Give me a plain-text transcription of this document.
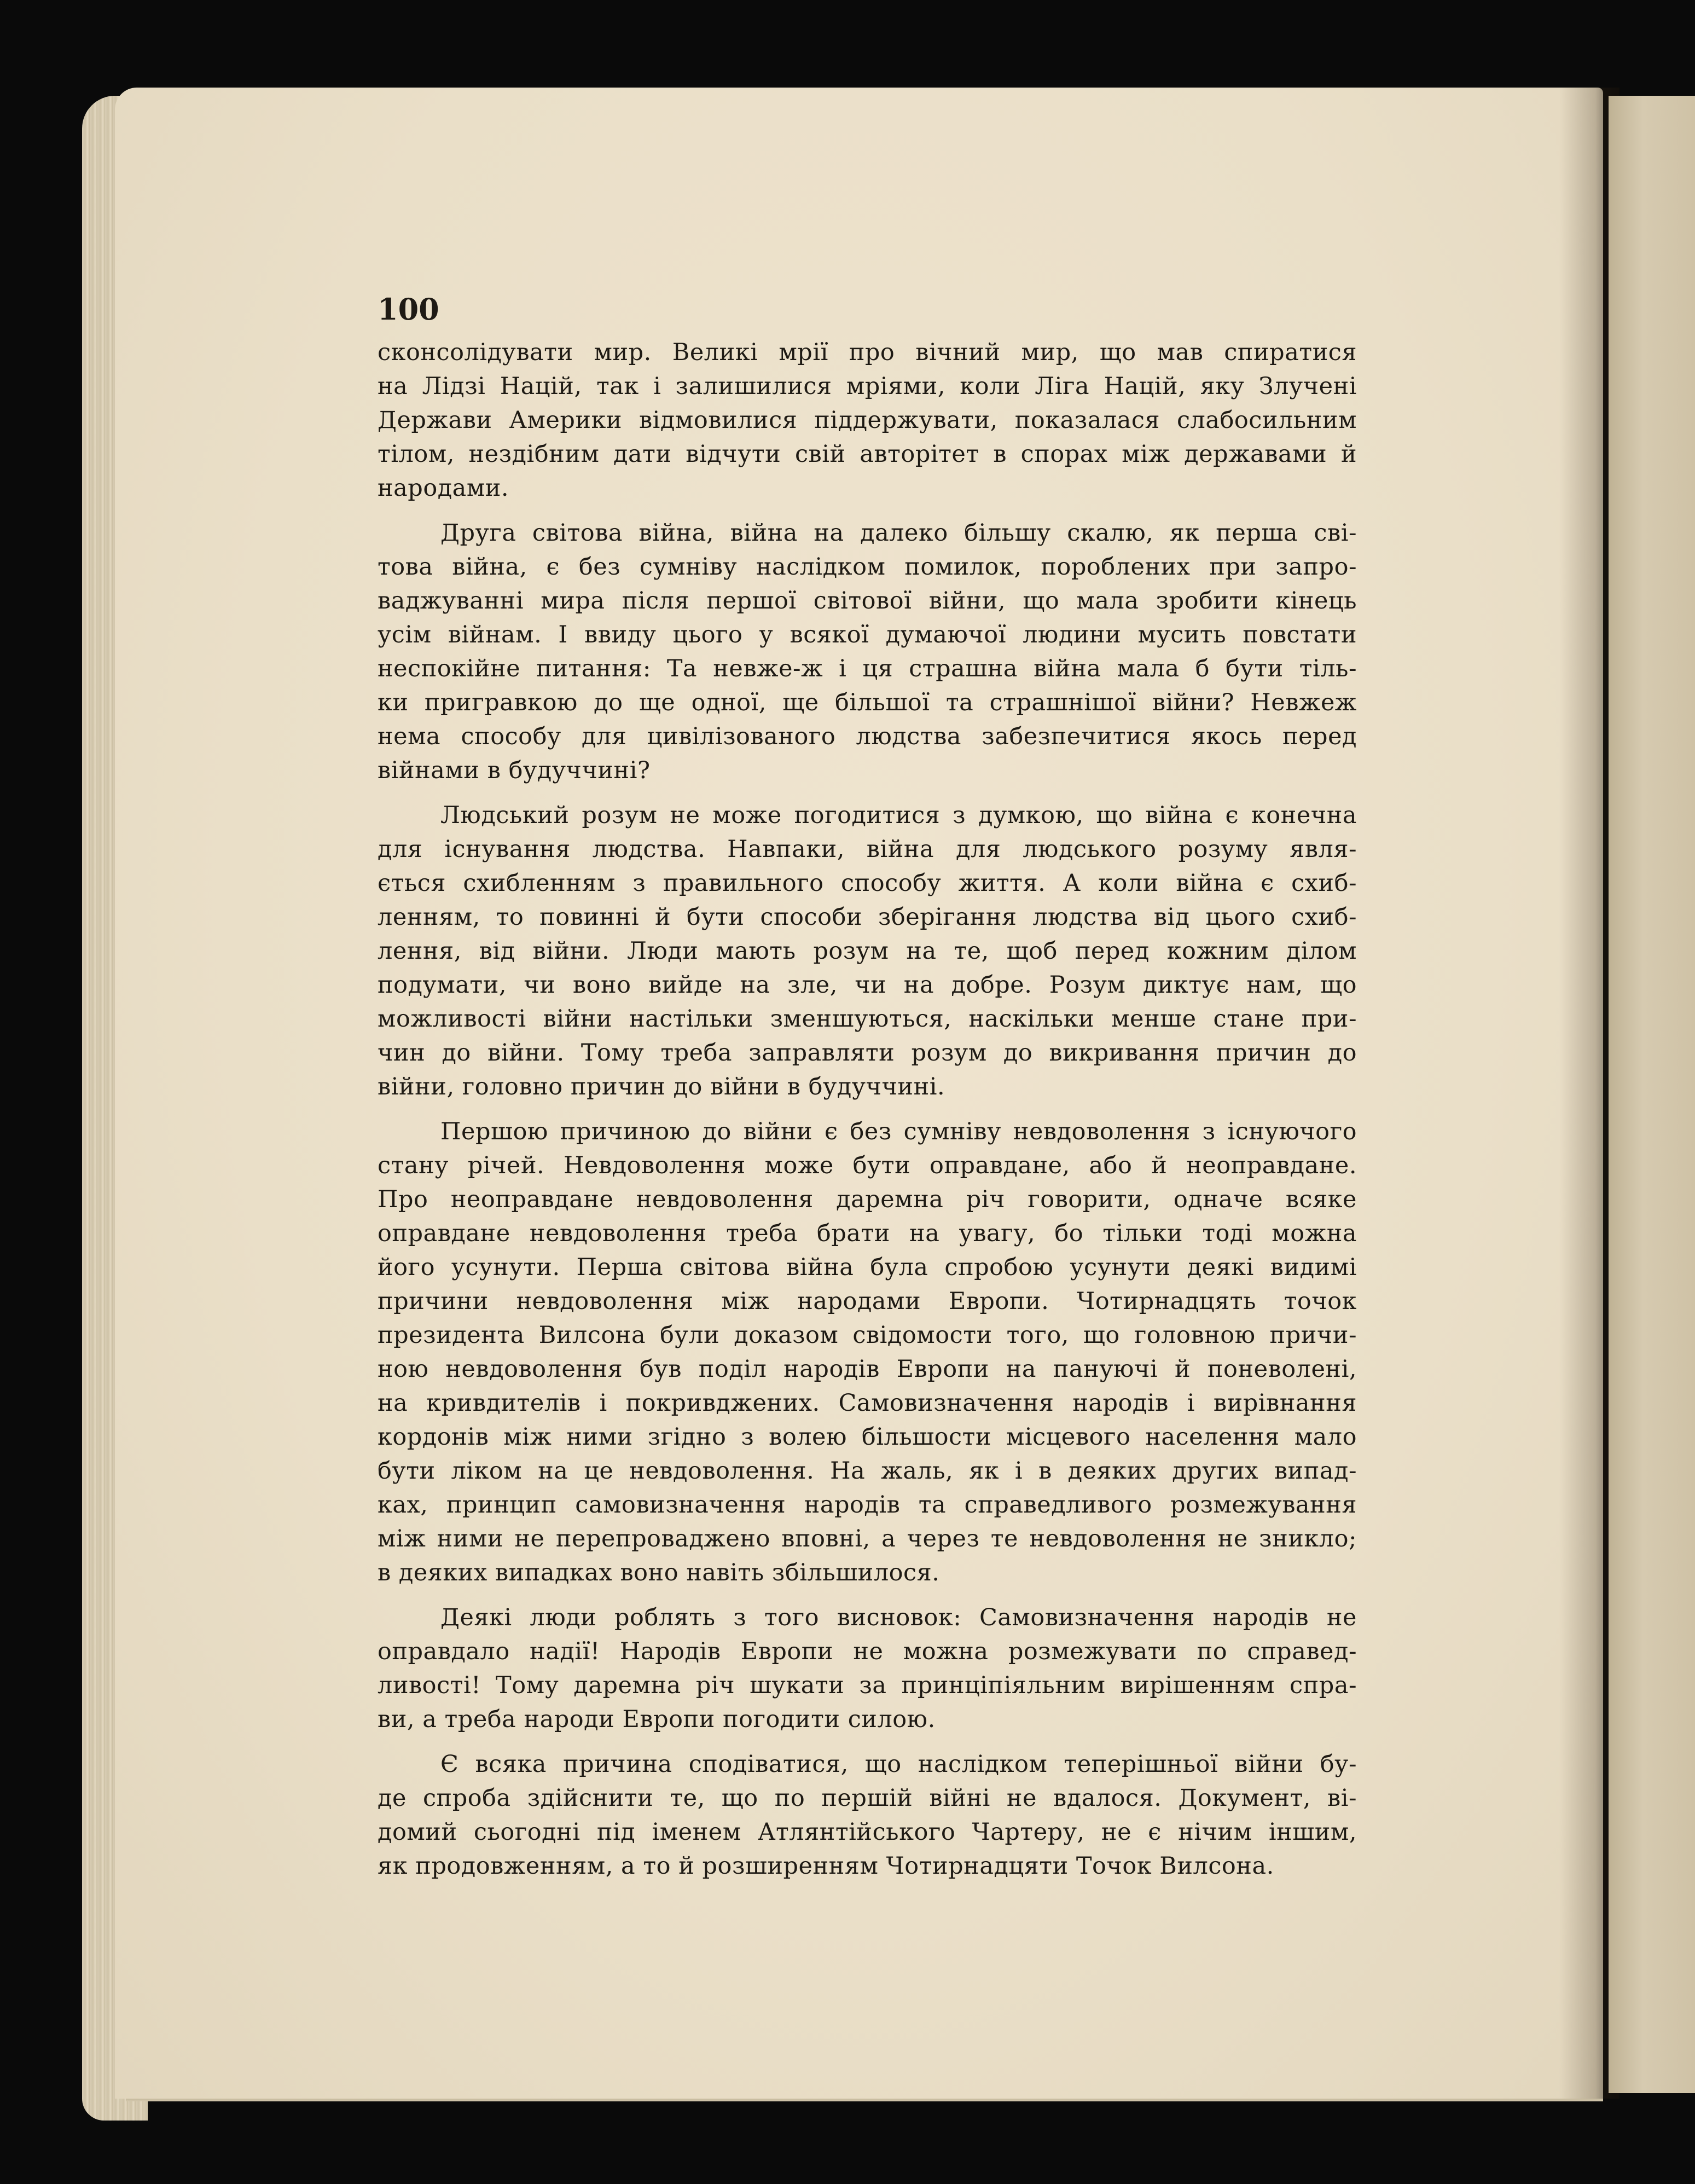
100
сконсолідувати мир. Великі мрії про вічний мир, що мав спиратися
на Лідзі Націй, так і залишилися мріями, коли Ліга Націй, яку Злучені
Держави Америки відмовилися піддержувати, показалася слабосильним
тілом, нездібним дати відчути свій авторітет в спорах між державами й
народами.
Друга світова війна, війна на далеко більшу скалю, як перша сві-
това війна, є без сумніву наслідком помилок, пороблених при запро-
ваджуванні мира після першої світової війни, що мала зробити кінець
усім війнам. І ввиду цього у всякої думаючої людини мусить повстати
неспокійне питання: Та невже-ж і ця страшна війна мала б бути тіль-
ки пригравкою до ще одної, ще більшої та страшнішої війни? Невжеж
нема способу для цивілізованого людства забезпечитися якось перед
війнами в будуччині?
Людський розум не може погодитися з думкою, що війна є конечна
для існування людства. Навпаки, війна для людського розуму явля-
ється схибленням з правильного способу життя. А коли війна є схиб-
ленням, то повинні й бути способи зберігання людства від цього схиб-
лення, від війни. Люди мають розум на те, щоб перед кожним ділом
подумати, чи воно вийде на зле, чи на добре. Розум диктує нам, що
можливості війни настільки зменшуються, наскільки менше стане при-
чин до війни. Тому треба заправляти розум до викривання причин до
війни, головно причин до війни в будуччині.
Першою причиною до війни є без сумніву невдоволення з існуючого
стану річей. Невдоволення може бути оправдане, або й неоправдане.
Про неоправдане невдоволення даремна річ говорити, одначе всяке
оправдане невдоволення треба брати на увагу, бо тільки тоді можна
його усунути. Перша світова війна була спробою усунути деякі видимі
причини невдоволення між народами Европи. Чотирнадцять точок
президента Вилсона були доказом свідомости того, що головною причи-
ною невдоволення був поділ народів Европи на пануючі й поневолені,
на кривдителів і покривджених. Самовизначення народів і вирівнання
кордонів між ними згідно з волею більшости місцевого населення мало
бути ліком на це невдоволення. На жаль, як і в деяких других випад-
ках, принцип самовизначення народів та справедливого розмежування
між ними не перепроваджено вповні, а через те невдоволення не зникло;
в деяких випадках воно навіть збільшилося.
Деякі люди роблять з того висновок: Самовизначення народів не
оправдало надії! Народів Европи не можна розмежувати по справед-
ливості! Тому даремна річ шукати за принціпіяльним вирішенням спра-
ви, а треба народи Европи погодити силою.
Є всяка причина сподіватися, що наслідком теперішньої війни бу-
де спроба здійснити те, що по першій війні не вдалося. Документ, ві-
домий сьогодні під іменем Атлянтійського Чартеру, не є нічим іншим,
як продовженням, а то й розширенням Чотирнадцяти Точок Вилсона.
